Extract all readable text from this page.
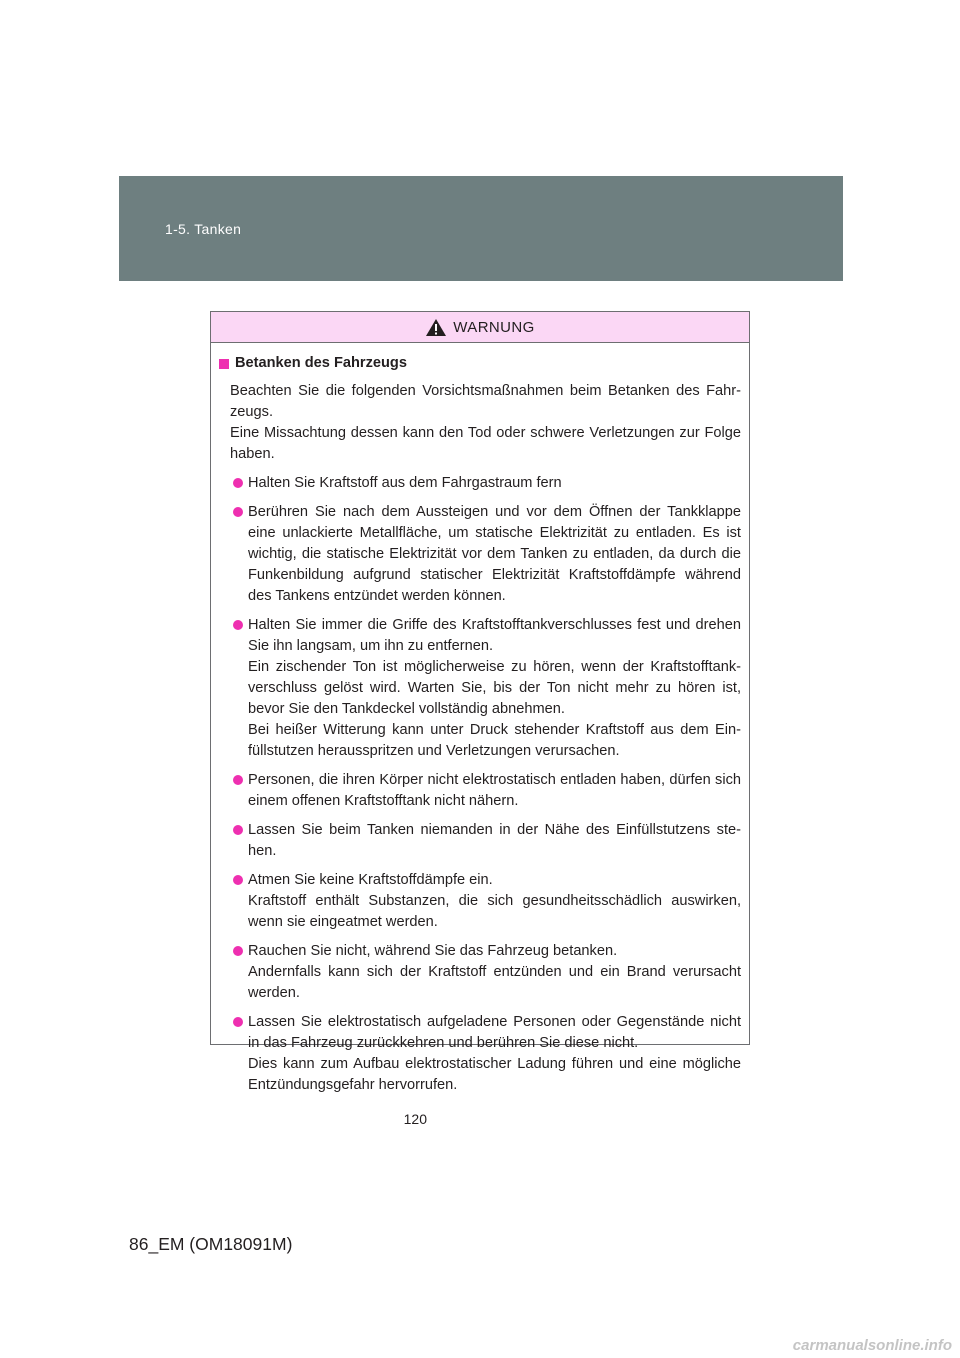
1-5. Tanken
WARNUNG
Betanken des Fahrzeugs
Beachten Sie die folgenden Vorsichtsmaßnahmen beim Betanken des Fahr-zeugs.
Eine Missachtung dessen kann den Tod oder schwere Verletzungen zur Folge haben.
Halten Sie Kraftstoff aus dem Fahrgastraum fern
Berühren Sie nach dem Aussteigen und vor dem Öffnen der Tankklappe eine unlackierte Metallfläche, um statische Elektrizität zu entladen. Es ist wichtig, die statische Elektrizität vor dem Tanken zu entladen, da durch die Funkenbildung aufgrund statischer Elektrizität Kraftstoffdämpfe während des Tankens entzündet werden können.
Halten Sie immer die Griffe des Kraftstofftankverschlusses fest und drehen Sie ihn langsam, um ihn zu entfernen.
Ein zischender Ton ist möglicherweise zu hören, wenn der Kraftstofftank-verschluss gelöst wird. Warten Sie, bis der Ton nicht mehr zu hören ist, bevor Sie den Tankdeckel vollständig abnehmen.
Bei heißer Witterung kann unter Druck stehender Kraftstoff aus dem Ein-füllstutzen herausspritzen und Verletzungen verursachen.
Personen, die ihren Körper nicht elektrostatisch entladen haben, dürfen sich einem offenen Kraftstofftank nicht nähern.
Lassen Sie beim Tanken niemanden in der Nähe des Einfüllstutzens ste-hen.
Atmen Sie keine Kraftstoffdämpfe ein.
Kraftstoff enthält Substanzen, die sich gesundheitsschädlich auswirken, wenn sie eingeatmet werden.
Rauchen Sie nicht, während Sie das Fahrzeug betanken.
Andernfalls kann sich der Kraftstoff entzünden und ein Brand verursacht werden.
Lassen Sie elektrostatisch aufgeladene Personen oder Gegenstände nicht in das Fahrzeug zurückkehren und berühren Sie diese nicht.
Dies kann zum Aufbau elektrostatischer Ladung führen und eine mögliche Entzündungsgefahr hervorrufen.
120
86_EM (OM18091M)
carmanualsonline.info
